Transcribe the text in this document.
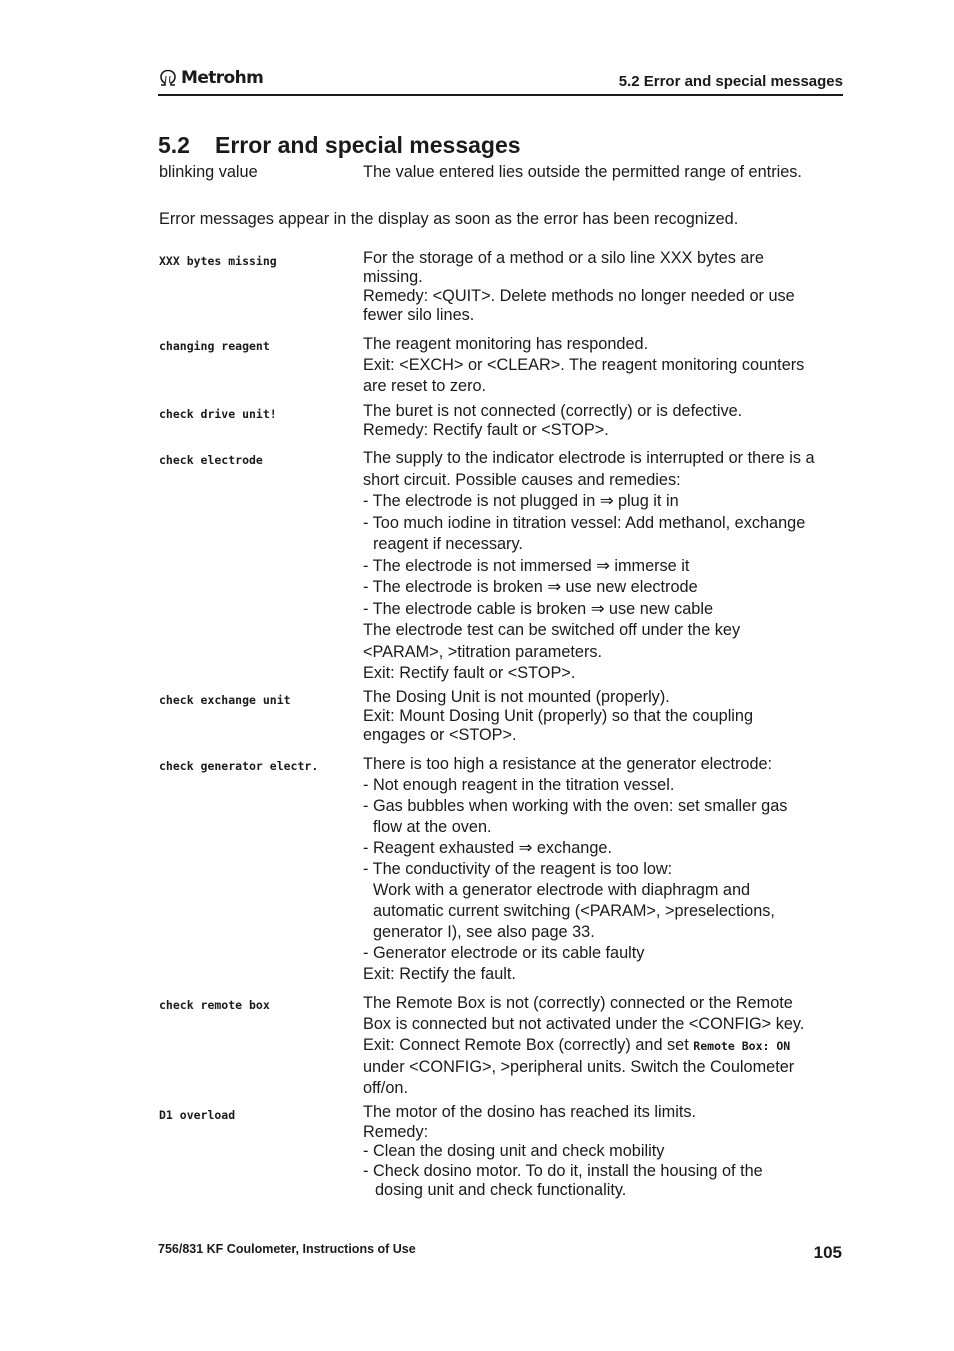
Metrohm	5.2 Error and special messages
5.2 Error and special messages
blinking value	The value entered lies outside the permitted range of entries.
Error messages appear in the display as soon as the error has been recognized.
XXX bytes missing	For the storage of a method or a silo line XXX bytes are
missing.
Remedy: <QUIT>. Delete methods no longer needed or use
fewer silo lines.
changing reagent	The reagent monitoring has responded.
Exit: <EXCH> or <CLEAR>. The reagent monitoring counters
are reset to zero.
check drive unit!	The buret is not connected (correctly) or is defective.
Remedy: Rectify fault or <STOP>.
check electrode	The supply to the indicator electrode is interrupted or there is a
short circuit. Possible causes and remedies:
- The electrode is not plugged in ⇒ plug it in
- Too much iodine in titration vessel: Add methanol, exchange
reagent if necessary.
- The electrode is not immersed ⇒ immerse it
- The electrode is broken ⇒ use new electrode
- The electrode cable is broken ⇒ use new cable
The electrode test can be switched off under the key
<PARAM>, >titration parameters.
Exit: Rectify fault or <STOP>.
check exchange unit	The Dosing Unit is not mounted (properly).
Exit: Mount Dosing Unit (properly) so that the coupling
engages or <STOP>.
check generator electr.	There is too high a resistance at the generator electrode:
- Not enough reagent in the titration vessel.
- Gas bubbles when working with the oven: set smaller gas
flow at the oven.
- Reagent exhausted ⇒ exchange.
- The conductivity of the reagent is too low:
Work with a generator electrode with diaphragm and
automatic current switching (<PARAM>, >preselections,
generator I), see also page 33.
- Generator electrode or its cable faulty
Exit: Rectify the fault.
check remote box	The Remote Box is not (correctly) connected or the Remote
Box is connected but not activated under the <CONFIG> key.
Exit: Connect Remote Box (correctly) and set Remote Box: ON
under <CONFIG>, >peripheral units. Switch the Coulometer
off/on.
D1 overload	The motor of the dosino has reached its limits.
Remedy:
- Clean the dosing unit and check mobility
- Check dosino motor. To do it, install the housing of the
dosing unit and check functionality.
756/831 KF Coulometer, Instructions of Use	105
